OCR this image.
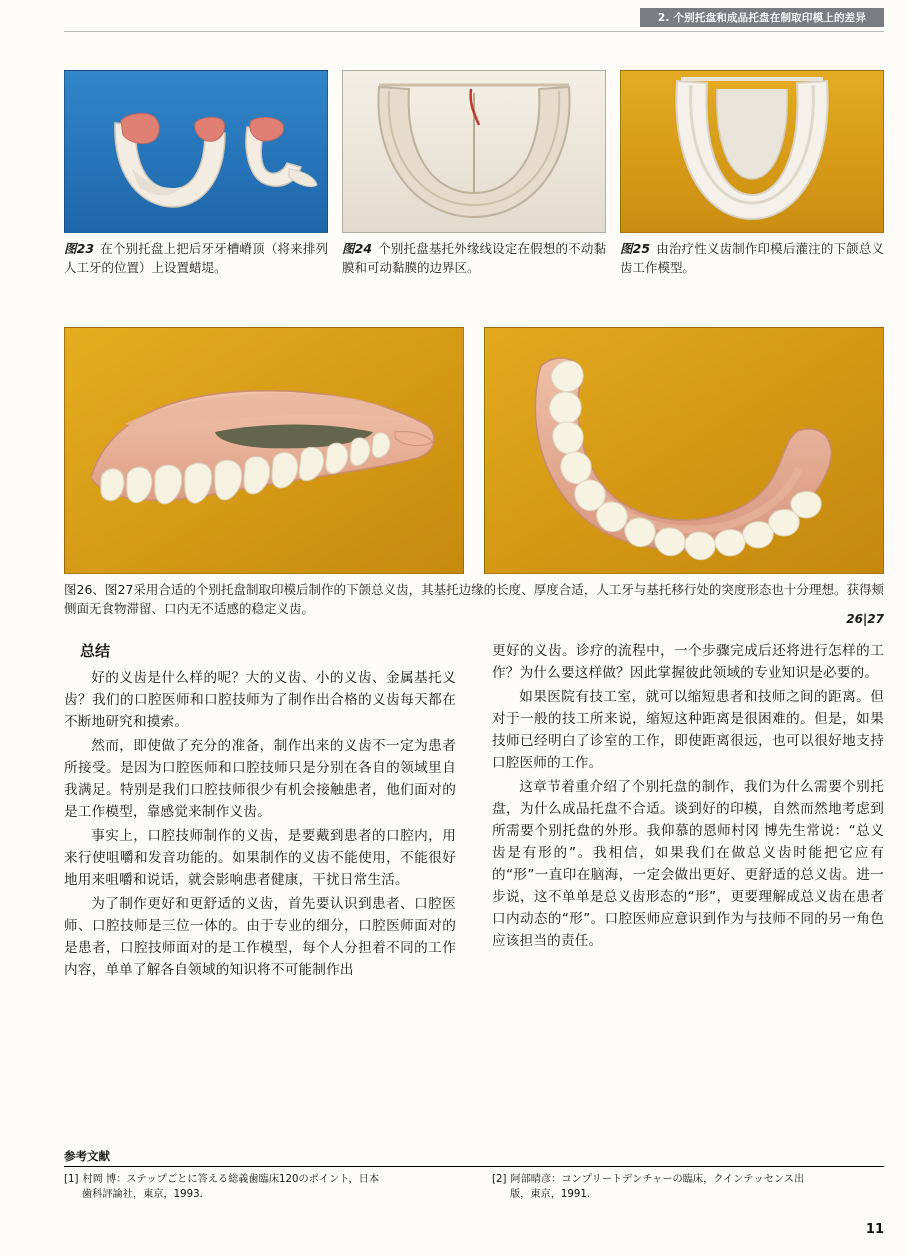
2. 个别托盘和成品托盘在制取印模上的差异
图23 在个别托盘上把后牙牙槽嵴顶（将来排列人工牙的位置）上设置蜡堤。
图24 个别托盘基托外缘线设定在假想的不动黏膜和可动黏膜的边界区。
图25 由治疗性义齿制作印模后灌注的下颌总义齿工作模型。
图26、图27采用合适的个别托盘制取印模后制作的下颌总义齿，其基托边缘的长度、厚度合适，人工牙与基托移行处的突度形态也十分理想。获得颊侧面无食物滞留、口内无不适感的稳定义齿。
26|27
总结

好的义齿是什么样的呢？大的义齿、小的义齿、金属基托义齿？我们的口腔医师和口腔技师为了制作出合格的义齿每天都在不断地研究和摸索。

然而，即使做了充分的准备，制作出来的义齿不一定为患者所接受。是因为口腔医师和口腔技师只是分别在各自的领域里自我满足。特别是我们口腔技师很少有机会接触患者，他们面对的是工作模型，靠感觉来制作义齿。

事实上，口腔技师制作的义齿，是要戴到患者的口腔内，用来行使咀嚼和发音功能的。如果制作的义齿不能使用，不能很好地用来咀嚼和说话，就会影响患者健康，干扰日常生活。

为了制作更好和更舒适的义齿，首先要认识到患者、口腔医师、口腔技师是三位一体的。由于专业的细分，口腔医师面对的是患者，口腔技师面对的是工作模型，每个人分担着不同的工作内容，单单了解各自领域的知识将不可能制作出

更好的义齿。诊疗的流程中，一个步骤完成后还将进行怎样的工作？为什么要这样做？因此掌握彼此领域的专业知识是必要的。

如果医院有技工室，就可以缩短患者和技师之间的距离。但对于一般的技工所来说，缩短这种距离是很困难的。但是，如果技师已经明白了诊室的工作，即使距离很远，也可以很好地支持口腔医师的工作。

这章节着重介绍了个别托盘的制作，我们为什么需要个别托盘，为什么成品托盘不合适。谈到好的印模，自然而然地考虑到所需要个别托盘的外形。我仰慕的恩师村冈 博先生常说：“总义齿是有形的”。我相信，如果我们在做总义齿时能把它应有的“形”一直印在脑海，一定会做出更好、更舒适的总义齿。进一步说，这不单单是总义齿形态的“形”，更要理解成总义齿在患者口内动态的“形”。口腔医师应意识到作为与技师不同的另一角色应该担当的责任。

参考文献
[1] 村岡 博：ステップごとに答える総義歯臨床120のポイント，日本
歯科評論社，東京，1993.
[2] 阿部晴彦：コンプリートデンチャーの臨床，クインテッセンス出
版，東京，1991.
11
